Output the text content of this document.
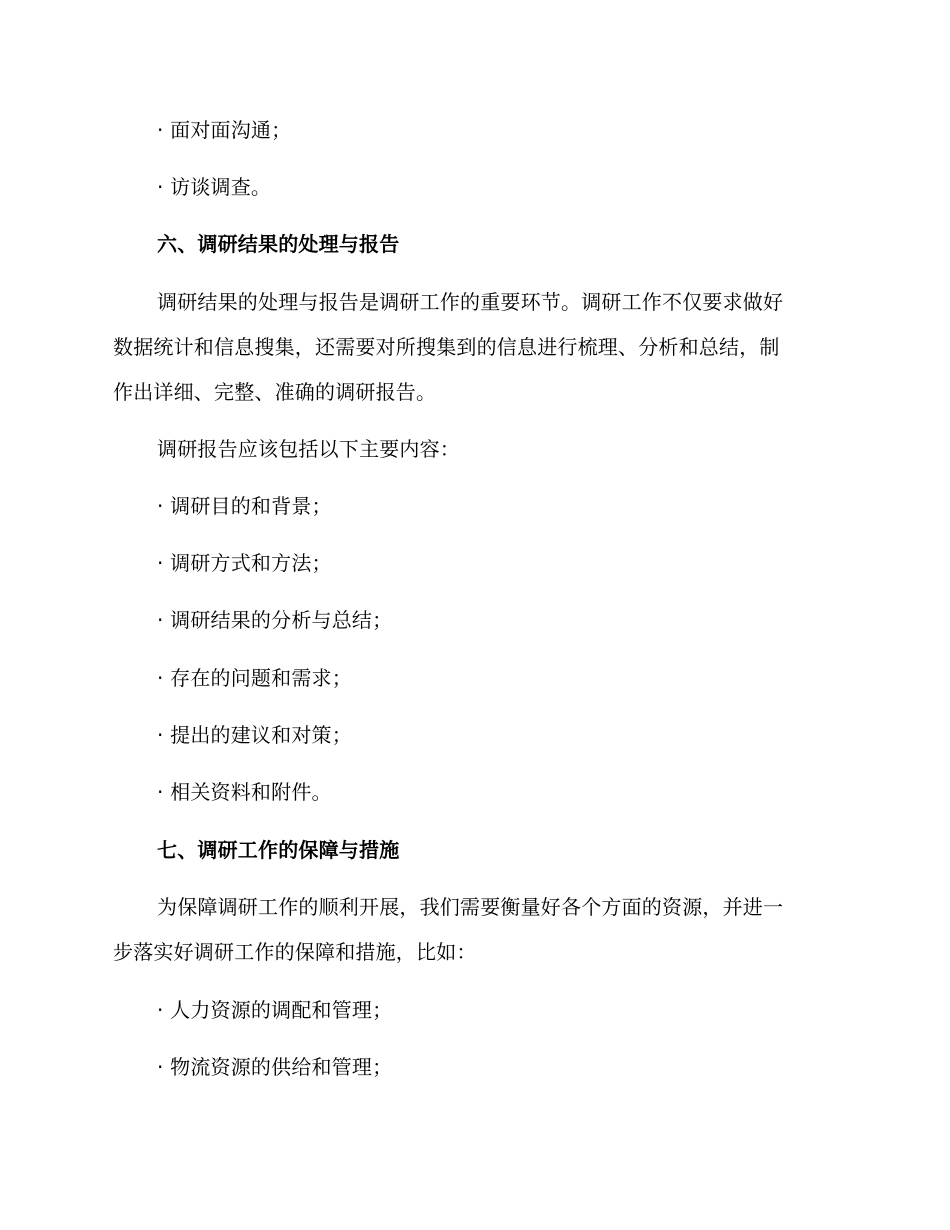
· 面对面沟通；
· 访谈调查。
六、调研结果的处理与报告
调研结果的处理与报告是调研工作的重要环节。调研工作不仅要求做好
数据统计和信息搜集，还需要对所搜集到的信息进行梳理、分析和总结，制
作出详细、完整、准确的调研报告。
调研报告应该包括以下主要内容：
· 调研目的和背景；
· 调研方式和方法；
· 调研结果的分析与总结；
· 存在的问题和需求；
· 提出的建议和对策；
· 相关资料和附件。
七、调研工作的保障与措施
为保障调研工作的顺利开展，我们需要衡量好各个方面的资源，并进一
步落实好调研工作的保障和措施，比如：
· 人力资源的调配和管理；
· 物流资源的供给和管理；
